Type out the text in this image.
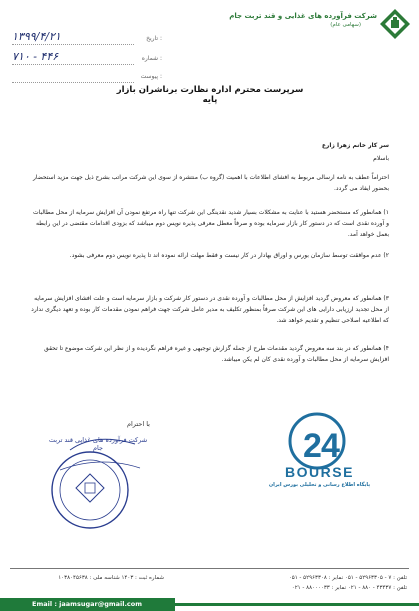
شرکت فرآورده های غذایی و قند تربت جام
(سهامی عام)
۱۳۹۹/۴/۲۱	: تاریخ
۷۱۰ - ۴۴۶	: شماره
: پیوست
سرپرست محترم اداره نظارت برناشران بازار پایه
سر کار خانم زهرا زارع
باسلام
احتراماً عطف به نامه ارسالی مربوط به افشای اطلاعات با اهمیت (گروه ب) منتشره از سوی این شرکت مراتب بشرح ذیل جهت مزید استحضار بحضور ایفاد می گردد.
۱) همانطور که مستحضر هستید با عنایت به مشکلات بسیار شدید نقدینگی این شرکت تنها راه مرتفع نمودن آن افزایش سرمایه از محل مطالبات و آورده نقدی است که در دستور کار بازار سرمایه بوده و صرفاً معطل معرفی پذیره نویس دوم میباشد که بزودی اقدامات مقتضی در این رابطه بعمل خواهد آمد.
۲) عدم موافقت توسط سازمان بورس و اوراق بهادار در کار نیست و فقط مهلت ارائه نموده اند تا پذیره نویس دوم معرفی بشود.
۳) همانطور که معروض گردید افزایش از محل مطالبات و آورده نقدی در دستور کار شرکت و بازار سرمایه است و علت افشای افزایش سرمایه از محل تجدید ارزیابی دارایی های این شرکت صرفاً بمنظور تکلیف به مدیر عامل شرکت جهت فراهم نمودن مقدمات کار بوده و تعهد دیگری ندارد که اطلاعیه اصلاحی تنظیم و تقدیم خواهد شد.
۴) همانطور که در بند سه معروض گردید مقدمات طرح از جمله گزارش توجیهی و غیره فراهم نگردیده و از نظر این شرکت موضوع تا تحقق افزایش سرمایه از محل مطالبات و آورده نقدی کان لم یکن میباشد.
با احترام
شرکت فرآورده های غذایی قند تربت جام	2 4
BOURSE
پایگاه اطلاع رسانی و تحلیلی بورس ایران
شماره ثبت : ۱۴۰۳ شناسه ملی : ۱۰۳۸۰۴۵۶۳۸	تلفن : ۷ - ۵۲۹۶۳۳۰۵ - ۰۵۱ نمابر : ۵۲۹۶۳۳۰۸ - ۰۵۱
تلفن : ۴۳۴۳۷ - ۸۸۰ - ۰۲۱ نمابر : ۸۸۰۰۰۰۳۳ - ۰۲۱
Email : jaamsugar@gmail.com
